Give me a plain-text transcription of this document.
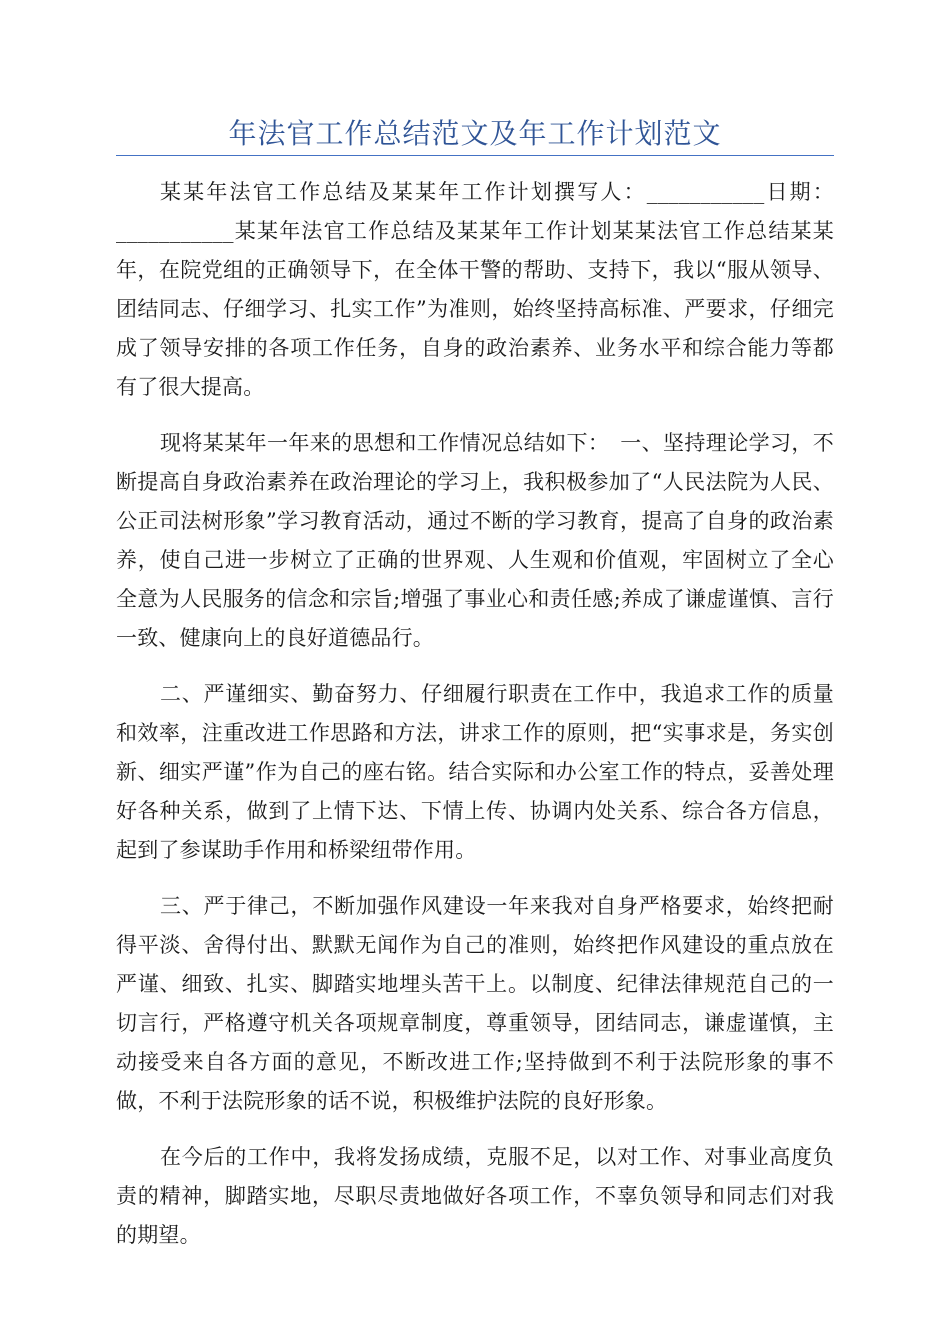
年法官工作总结范文及年工作计划范文

某某年法官工作总结及某某年工作计划撰写人：___________日期：___________某某年法官工作总结及某某年工作计划某某法官工作总结某某年，在院党组的正确领导下，在全体干警的帮助、支持下，我以“服从领导、团结同志、仔细学习、扎实工作”为准则，始终坚持高标准、严要求，仔细完成了领导安排的各项工作任务，自身的政治素养、业务水平和综合能力等都有了很大提高。

现将某某年一年来的思想和工作情况总结如下：　一、坚持理论学习，不断提高自身政治素养在政治理论的学习上，我积极参加了“人民法院为人民、公正司法树形象”学习教育活动，通过不断的学习教育，提高了自身的政治素养，使自己进一步树立了正确的世界观、人生观和价值观，牢固树立了全心全意为人民服务的信念和宗旨;增强了事业心和责任感;养成了谦虚谨慎、言行一致、健康向上的良好道德品行。

二、严谨细实、勤奋努力、仔细履行职责在工作中，我追求工作的质量和效率，注重改进工作思路和方法，讲求工作的原则，把“实事求是，务实创新、细实严谨”作为自己的座右铭。结合实际和办公室工作的特点，妥善处理好各种关系，做到了上情下达、下情上传、协调内处关系、综合各方信息，起到了参谋助手作用和桥梁纽带作用。

三、严于律己，不断加强作风建设一年来我对自身严格要求，始终把耐得平淡、舍得付出、默默无闻作为自己的准则，始终把作风建设的重点放在严谨、细致、扎实、脚踏实地埋头苦干上。以制度、纪律法律规范自己的一切言行，严格遵守机关各项规章制度，尊重领导，团结同志，谦虚谨慎，主动接受来自各方面的意见，不断改进工作;坚持做到不利于法院形象的事不做，不利于法院形象的话不说，积极维护法院的良好形象。

在今后的工作中，我将发扬成绩，克服不足，以对工作、对事业高度负责的精神，脚踏实地，尽职尽责地做好各项工作，不辜负领导和同志们对我的期望。
